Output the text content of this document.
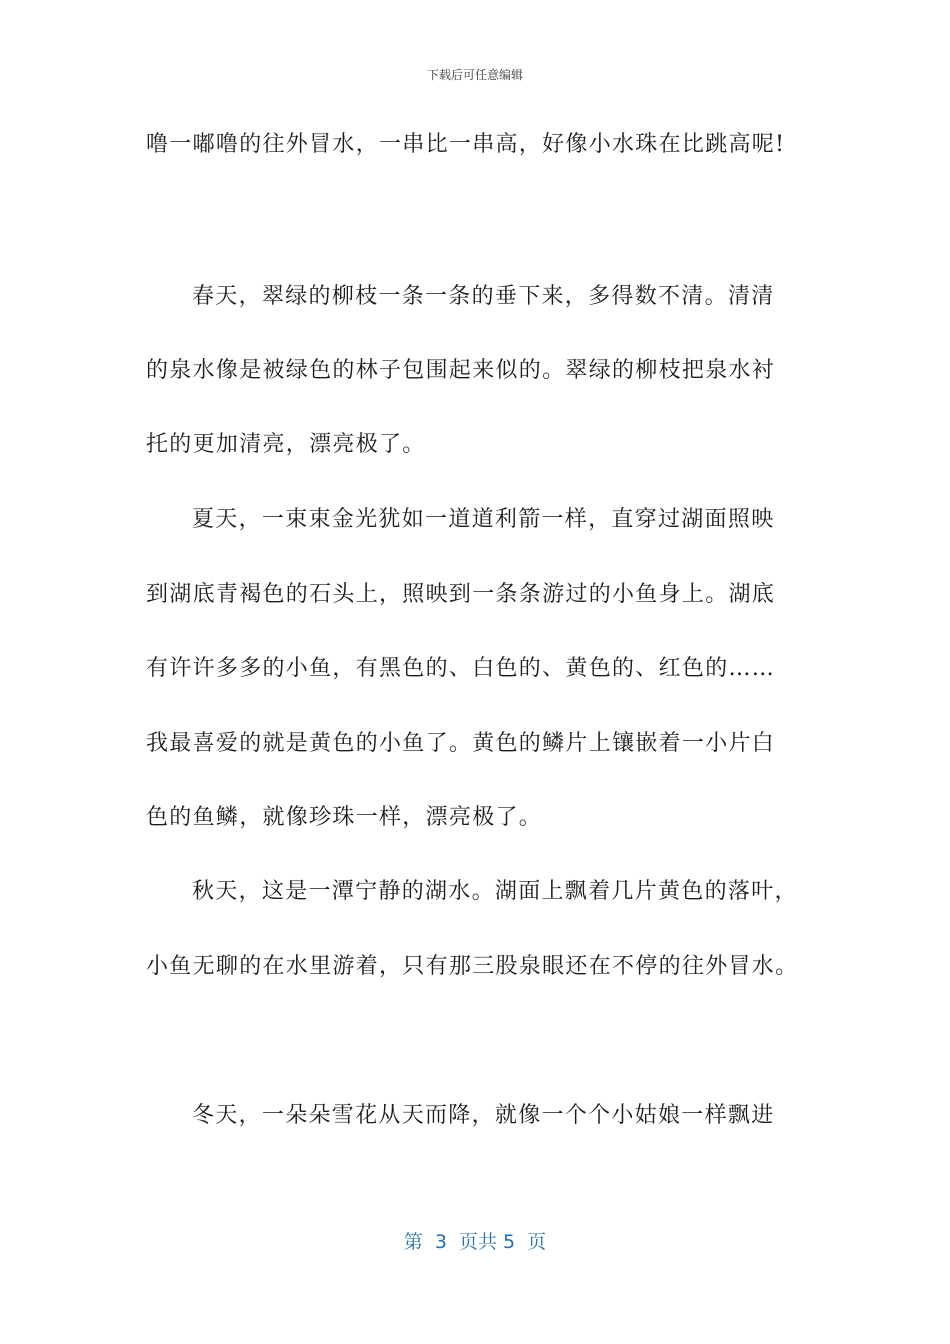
下载后可任意编辑
噜一嘟噜的往外冒水，一串比一串高，好像小水珠在比跳高呢!
春天，翠绿的柳枝一条一条的垂下来，多得数不清。清清
的泉水像是被绿色的林子包围起来似的。翠绿的柳枝把泉水衬
托的更加清亮，漂亮极了。
夏天，一束束金光犹如一道道利箭一样，直穿过湖面照映
到湖底青褐色的石头上，照映到一条条游过的小鱼身上。湖底
有许许多多的小鱼，有黑色的、白色的、黄色的、红色的……
我最喜爱的就是黄色的小鱼了。黄色的鳞片上镶嵌着一小片白
色的鱼鳞，就像珍珠一样，漂亮极了。
秋天，这是一潭宁静的湖水。湖面上飘着几片黄色的落叶，
小鱼无聊的在水里游着，只有那三股泉眼还在不停的往外冒水。
冬天，一朵朵雪花从天而降，就像一个个小姑娘一样飘进
第  3  页共 5  页
